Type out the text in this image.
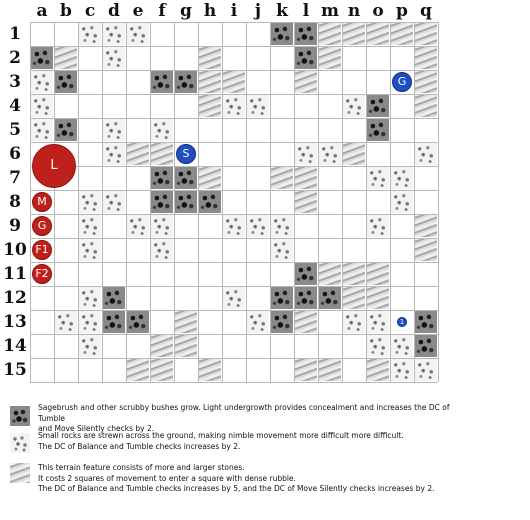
a b c d e f g h i	j k l m n o p q
1
2
3
4
5
6
7
8
9
10
11
12
13
14
15
L
M
G
F1
F2
S
G
1
Sagebrush and other scrubby bushes grow. Light undergrowth provides concealment and increases the DC of Tumble
and Move Silently checks by 2.
Small rocks are strewn across the ground, making nimble movement more difficult more difficult.
The DC of Balance and Tumble checks increases by 2.
This terrain feature consists of more and larger stones.
It costs 2 squares of movement to enter a square with dense rubble.
The DC of Balance and Tumble checks increases by 5, and the DC of Move Silently checks increases by 2.
